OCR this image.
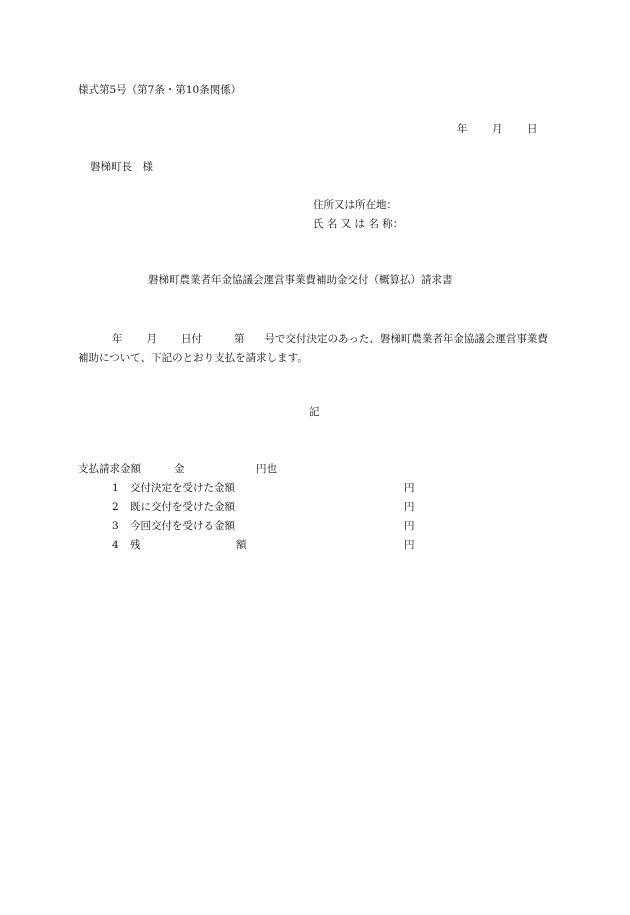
様式第5号（第7条・第10条関係）
年 月 日
磐梯町長　様
住所又は所在地：
氏 名 又 は 名 称：
磐梯町農業者年金協議会運営事業費補助金交付（概算払）請求書
年 月 日付	第 号で交付決定のあった、磐梯町農業者年金協議会運営事業費補助について、下記のとおり支払を請求します。
記
支払請求金額	金	円也
1 交付決定を受けた金額	円
2 既に交付を受けた金額	円
3 今回交付を受ける金額	円
4 残	額	円
